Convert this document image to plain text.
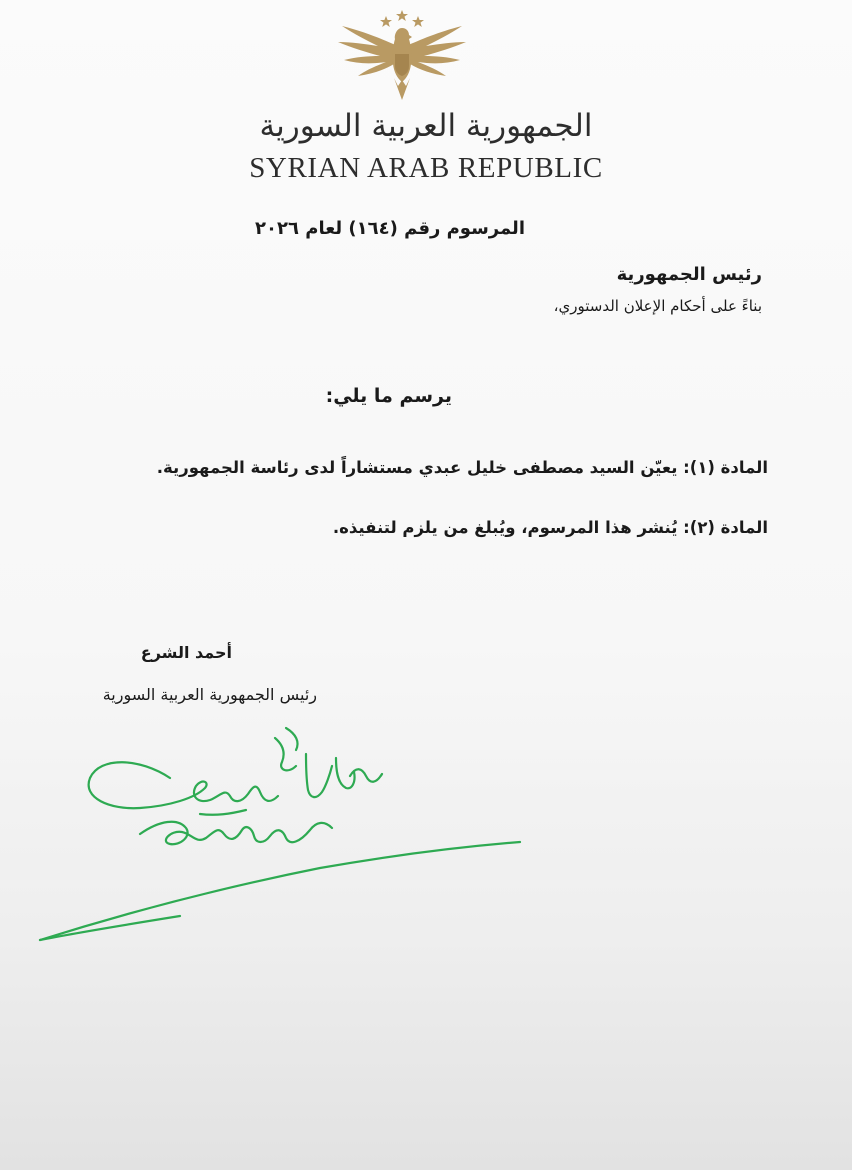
الجمهورية العربية السورية
SYRIAN ARAB REPUBLIC
المرسوم رقم (١٦٤) لعام ٢٠٢٦
رئيس الجمهورية
بناءً على أحكام الإعلان الدستوري،
يرسم ما يلي:
المادة (١): يعيّن السيد مصطفى خليل عبدي مستشاراً لدى رئاسة الجمهورية.
المادة (٢): يُنشر هذا المرسوم، ويُبلغ من يلزم لتنفيذه.
أحمد الشرع
رئيس الجمهورية العربية السورية
